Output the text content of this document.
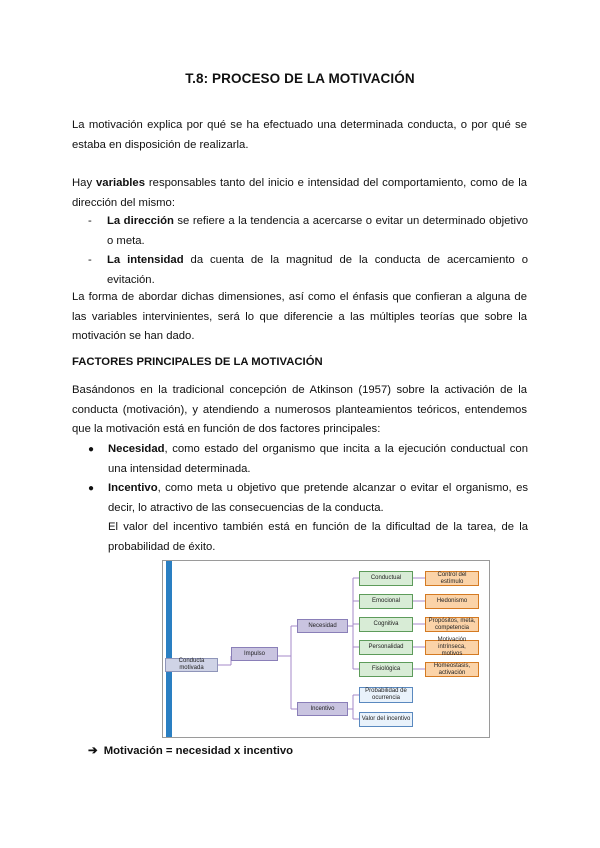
T.8: PROCESO DE LA MOTIVACIÓN
La motivación explica por qué se ha efectuado una determinada conducta, o por qué se estaba en disposición de realizarla.
Hay variables responsables tanto del inicio e intensidad del comportamiento, como de la dirección del mismo:
- La dirección se refiere a la tendencia a acercarse o evitar un determinado objetivo o meta.
- La intensidad da cuenta de la magnitud de la conducta de acercamiento o evitación.
La forma de abordar dichas dimensiones, así como el énfasis que confieran a alguna de las variables intervinientes, será lo que diferencie a las múltiples teorías que sobre la motivación se han dado.
FACTORES PRINCIPALES DE LA MOTIVACIÓN
Basándonos en la tradicional concepción de Atkinson (1957) sobre la activación de la conducta (motivación), y atendiendo a numerosos planteamientos teóricos, entendemos que la motivación está en función de dos factores principales:
● Necesidad, como estado del organismo que incita a la ejecución conductual con una intensidad determinada.
● Incentivo, como meta u objetivo que pretende alcanzar o evitar el organismo, es decir, lo atractivo de las consecuencias de la conducta.
El valor del incentivo también está en función de la dificultad de la tarea, de la probabilidad de éxito.
Conducta motivada
Impulso
Necesidad
Incentivo
Conductual
Emocional
Cognitiva
Personalidad
Fisiológica
Control del estímulo
Hedonismo
Propósitos, meta, competencia
Motivación intrínseca, motivos
Homeostasis, activación
Probabilidad de ocurrencia
Valor del incentivo
➔ Motivación = necesidad x incentivo
